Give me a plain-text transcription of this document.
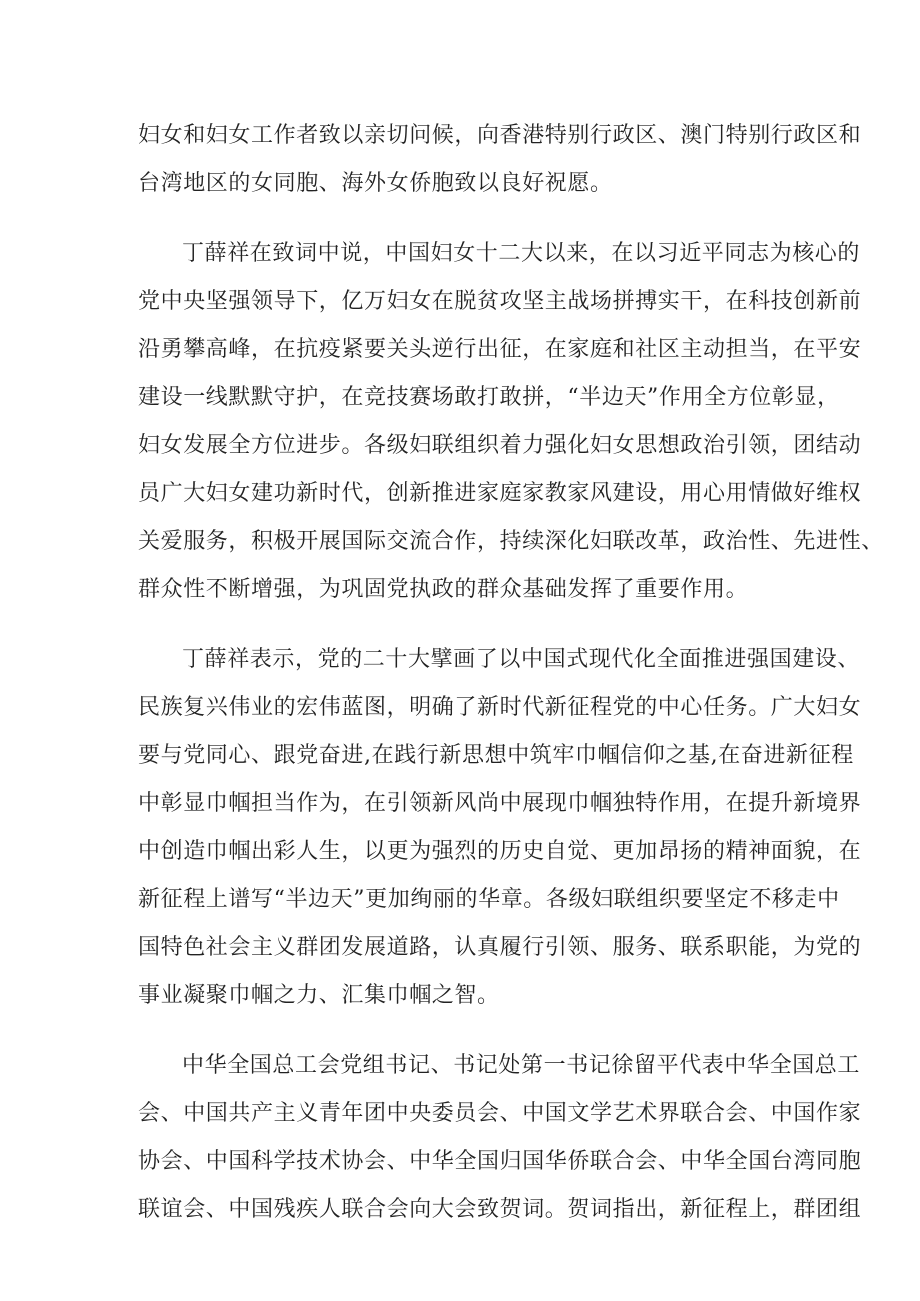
妇女和妇女工作者致以亲切问候，向香港特别行政区、澳门特别行政区和
台湾地区的女同胞、海外女侨胞致以良好祝愿。
丁薛祥在致词中说，中国妇女十二大以来，在以习近平同志为核心的
党中央坚强领导下，亿万妇女在脱贫攻坚主战场拼搏实干，在科技创新前
沿勇攀高峰，在抗疫紧要关头逆行出征，在家庭和社区主动担当，在平安
建设一线默默守护，在竞技赛场敢打敢拼，“半边天”作用全方位彰显，
妇女发展全方位进步。各级妇联组织着力强化妇女思想政治引领，团结动
员广大妇女建功新时代，创新推进家庭家教家风建设，用心用情做好维权
关爱服务，积极开展国际交流合作，持续深化妇联改革，政治性、先进性、
群众性不断增强，为巩固党执政的群众基础发挥了重要作用。
丁薛祥表示，党的二十大擘画了以中国式现代化全面推进强国建设、
民族复兴伟业的宏伟蓝图，明确了新时代新征程党的中心任务。广大妇女
要与党同心、跟党奋进,在践行新思想中筑牢巾帼信仰之基,在奋进新征程
中彰显巾帼担当作为，在引领新风尚中展现巾帼独特作用，在提升新境界
中创造巾帼出彩人生，以更为强烈的历史自觉、更加昂扬的精神面貌，在
新征程上谱写“半边天”更加绚丽的华章。各级妇联组织要坚定不移走中
国特色社会主义群团发展道路，认真履行引领、服务、联系职能，为党的
事业凝聚巾帼之力、汇集巾帼之智。
中华全国总工会党组书记、书记处第一书记徐留平代表中华全国总工
会、中国共产主义青年团中央委员会、中国文学艺术界联合会、中国作家
协会、中国科学技术协会、中华全国归国华侨联合会、中华全国台湾同胞
联谊会、中国残疾人联合会向大会致贺词。贺词指出，新征程上，群团组
